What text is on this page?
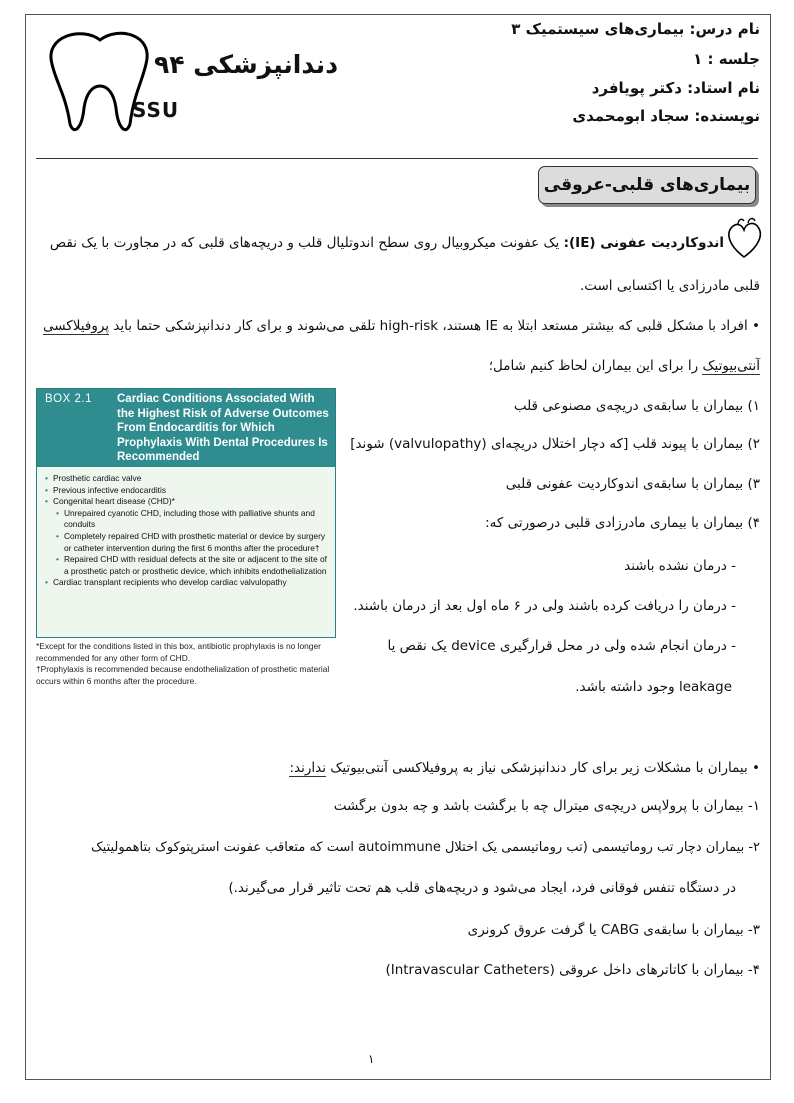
دندانپزشکی ۹۴
SSU
نام درس: بیماری‌های سیستمیک ۳
جلسه : ۱
نام استاد: دکتر پویافرد
نویسنده: سجاد ابومحمدی
بیماری‌های قلبی-عروقی
اندوکاردیت عفونی (IE): یک عفونت میکروبیال روی سطح اندوتلیال قلب و دریچه‌های قلبی که در مجاورت با یک نقص
قلبی مادرزادی یا اکتسابی است.
• افراد با مشکل قلبی که بیشتر مستعد ابتلا به IE هستند، high-risk تلقی می‌شوند و برای کار دندانپزشکی حتما باید پروفیلاکسی
آنتی‌بیوتیک را برای این بیماران لحاظ کنیم شامل؛
۱) بیماران با سابقه‌ی دریچه‌ی مصنوعی قلب
۲) بیماران با پیوند قلب [که دچار اختلال دریچه‌ای (valvulopathy) شوند]
۳) بیماران با سابقه‌ی اندوکاردیت عفونی قلبی
۴) بیماران با بیماری مادرزادی قلبی درصورتی که:
- درمان نشده باشند
- درمان را دریافت کرده باشند ولی در ۶ ماه اول بعد از درمان باشند.
- درمان انجام شده ولی در محل قرارگیری device یک نقص یا
leakage وجود داشته باشد.
BOX 2.1 Cardiac Conditions Associated With the Highest Risk of Adverse Outcomes From Endocarditis for Which Prophylaxis With Dental Procedures Is Recommended
• Prosthetic cardiac valve
• Previous infective endocarditis
• Congenital heart disease (CHD)*
• Unrepaired cyanotic CHD, including those with palliative shunts and conduits
• Completely repaired CHD with prosthetic material or device by surgery or catheter intervention during the first 6 months after the procedure†
• Repaired CHD with residual defects at the site or adjacent to the site of a prosthetic patch or prosthetic device, which inhibits endothelialization
• Cardiac transplant recipients who develop cardiac valvulopathy
*Except for the conditions listed in this box, antibiotic prophylaxis is no longer recommended for any other form of CHD.
†Prophylaxis is recommended because endothelialization of prosthetic material occurs within 6 months after the procedure.
• بیماران با مشکلات زیر برای کار دندانپزشکی نیاز به پروفیلاکسی آنتی‌بیوتیک ندارند:
۱- بیماران با پرولاپس دریچه‌ی میترال چه با برگشت باشد و چه بدون برگشت
۲- بیماران دچار تب روماتیسمی (تب روماتیسمی یک اختلال autoimmune است که متعاقب عفونت استرپتوکوک بتاهمولیتیک
در دستگاه تنفس فوقانی فرد، ایجاد می‌شود و دریچه‌های قلب هم تحت تاثیر قرار می‌گیرند.)
۳- بیماران با سابقه‌ی CABG یا گرفت عروق کرونری
۴- بیماران با کاتاترهای داخل عروقی (Intravascular Catheters)
۱
